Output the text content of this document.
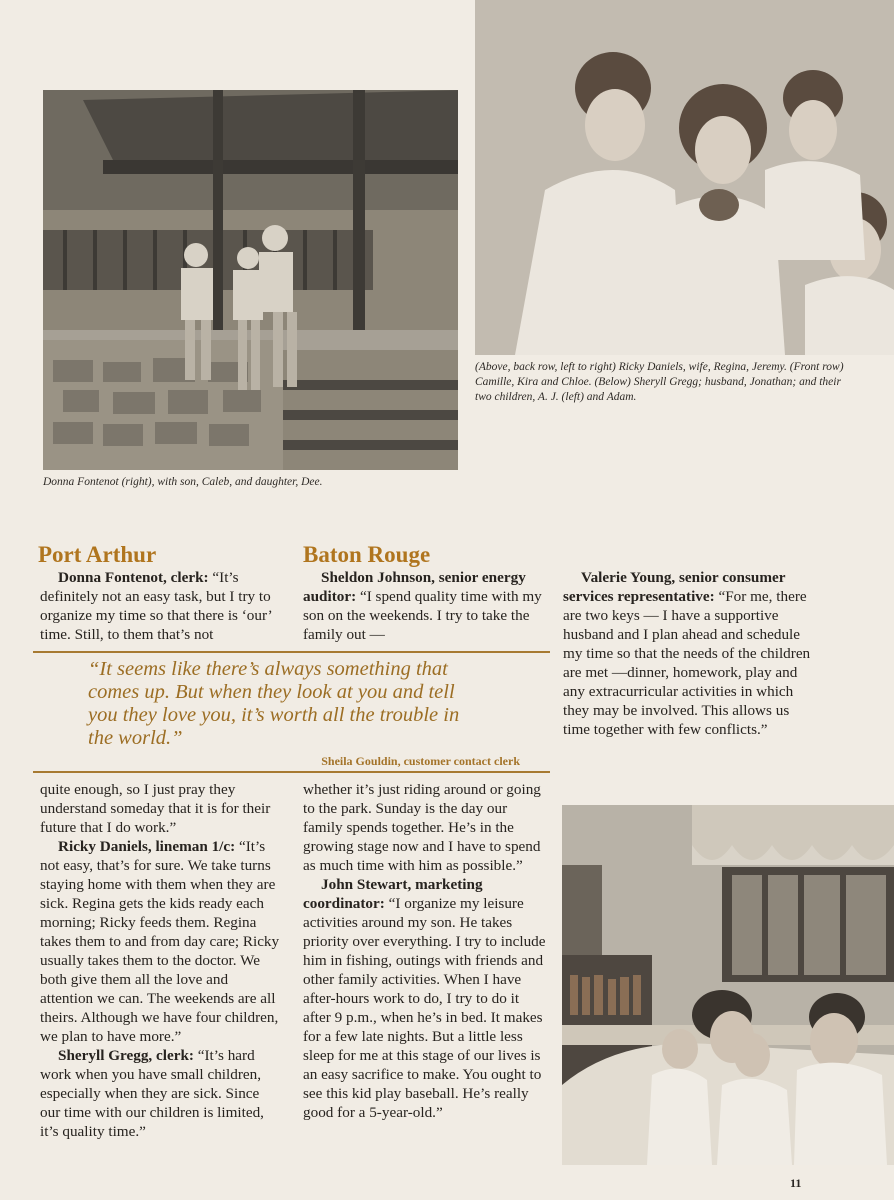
(Above, back row, left to right) Ricky Daniels, wife, Regina, Jeremy. (Front row) Camille, Kira and Chloe. (Below) Sheryll Gregg; husband, Jonathan; and their two children, A. J. (left) and Adam.
Donna Fontenot (right), with son, Caleb, and daughter, Dee.
Port Arthur	Baton Rouge

Donna Fontenot, clerk: “It’s definitely not an easy task, but I try to organize my time so that there is ‘our’ time. Still, to them that’s not

Sheldon Johnson, senior energy auditor: “I spend quality time with my son on the weekends. I try to take the family out —

“It seems like there’s always something that comes up. But when they look at you and tell you they love you, it’s worth all the trouble in the world.”
Sheila Gouldin, customer contact clerk

quite enough, so I just pray they understand someday that it is for their future that I do work.”

Ricky Daniels, lineman 1/c: “It’s not easy, that’s for sure. We take turns staying home with them when they are sick. Regina gets the kids ready each morning; Ricky feeds them. Regina takes them to and from day care; Ricky usually takes them to the doctor. We both give them all the love and attention we can. The weekends are all theirs. Although we have four children, we plan to have more.”

Sheryll Gregg, clerk: “It’s hard work when you have small children, especially when they are sick. Since our time with our children is limited, it’s quality time.”

whether it’s just riding around or going to the park. Sunday is the day our family spends together. He’s in the growing stage now and I have to spend as much time with him as possible.”

John Stewart, marketing coordinator: “I organize my leisure activities around my son. He takes priority over everything. I try to include him in fishing, outings with friends and other family activities. When I have after-hours work to do, I try to do it after 9 p.m., when he’s in bed. It makes for a few late nights. But a little less sleep for me at this stage of our lives is an easy sacrifice to make. You ought to see this kid play baseball. He’s really good for a 5-year-old.”

Valerie Young, senior consumer services representative: “For me, there are two keys — I have a supportive husband and I plan ahead and schedule my time so that the needs of the children are met —dinner, homework, play and any extracurricular activities in which they may be involved. This allows us time together with few conflicts.”

11
